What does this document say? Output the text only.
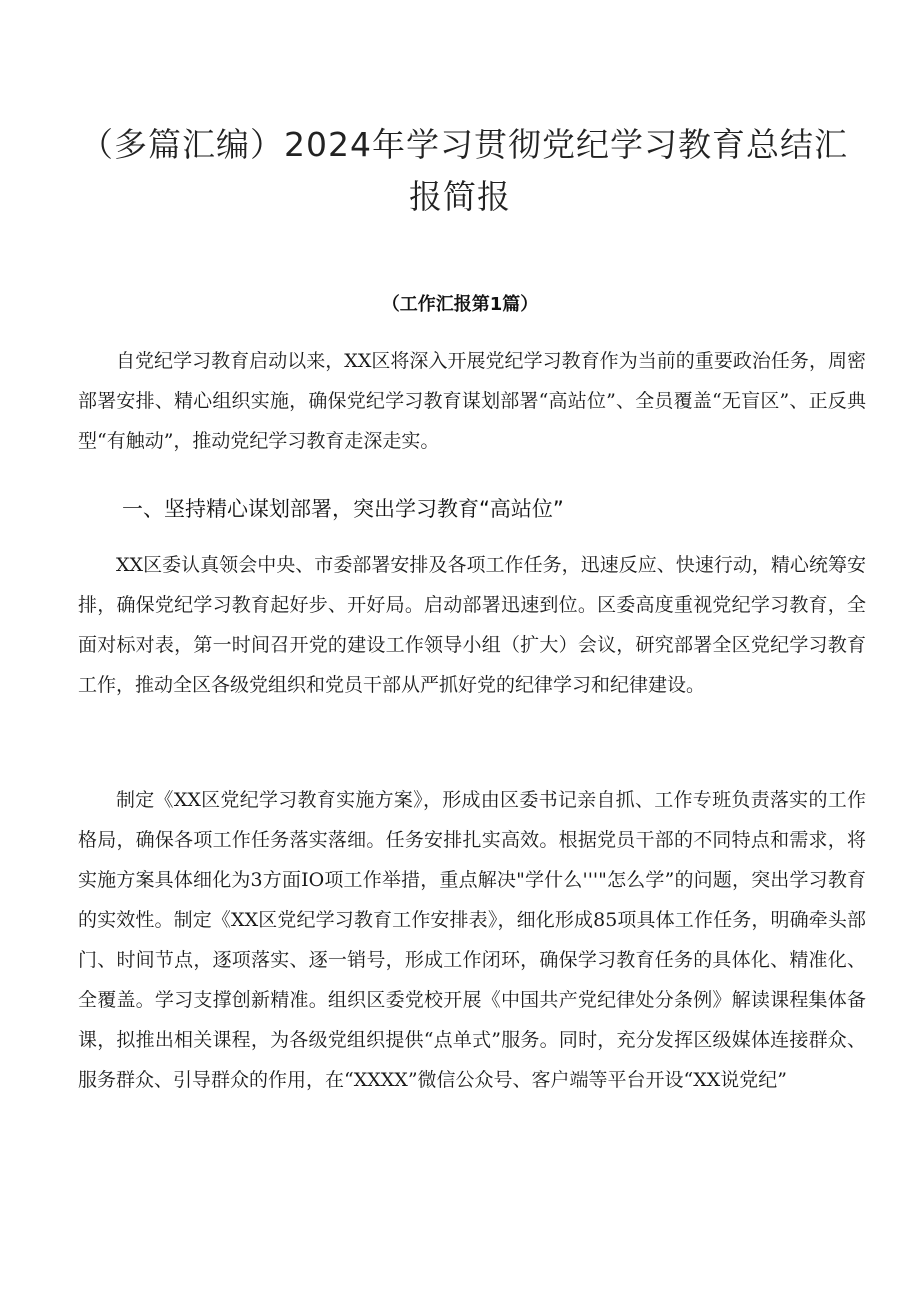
（多篇汇编）2024年学习贯彻党纪学习教育总结汇
报简报
（工作汇报第1篇）

自党纪学习教育启动以来，XX区将深入开展党纪学习教育作为当前的重要政治任务，周密部署安排、精心组织实施，确保党纪学习教育谋划部署“高站位”、全员覆盖“无盲区”、正反典型“有触动”，推动党纪学习教育走深走实。

一、坚持精心谋划部署，突出学习教育“高站位”

XX区委认真领会中央、市委部署安排及各项工作任务，迅速反应、快速行动，精心统筹安排，确保党纪学习教育起好步、开好局。启动部署迅速到位。区委高度重视党纪学习教育，全面对标对表，第一时间召开党的建设工作领导小组（扩大）会议，研究部署全区党纪学习教育工作，推动全区各级党组织和党员干部从严抓好党的纪律学习和纪律建设。

制定《XX区党纪学习教育实施方案》，形成由区委书记亲自抓、工作专班负责落实的工作格局，确保各项工作任务落实落细。任务安排扎实高效。根据党员干部的不同特点和需求，将实施方案具体细化为3方面IO项工作举措，重点解决"学什么'''"怎么学”的问题，突出学习教育的实效性。制定《XX区党纪学习教育工作安排表》，细化形成85项具体工作任务，明确牵头部门、时间节点，逐项落实、逐一销号，形成工作闭环，确保学习教育任务的具体化、精准化、全覆盖。学习支撑创新精准。组织区委党校开展《中国共产党纪律处分条例》解读课程集体备课，拟推出相关课程，为各级党组织提供“点单式”服务。同时，充分发挥区级媒体连接群众、服务群众、引导群众的作用，在“XXXX”微信公众号、客户端等平台开设“XX说党纪”
